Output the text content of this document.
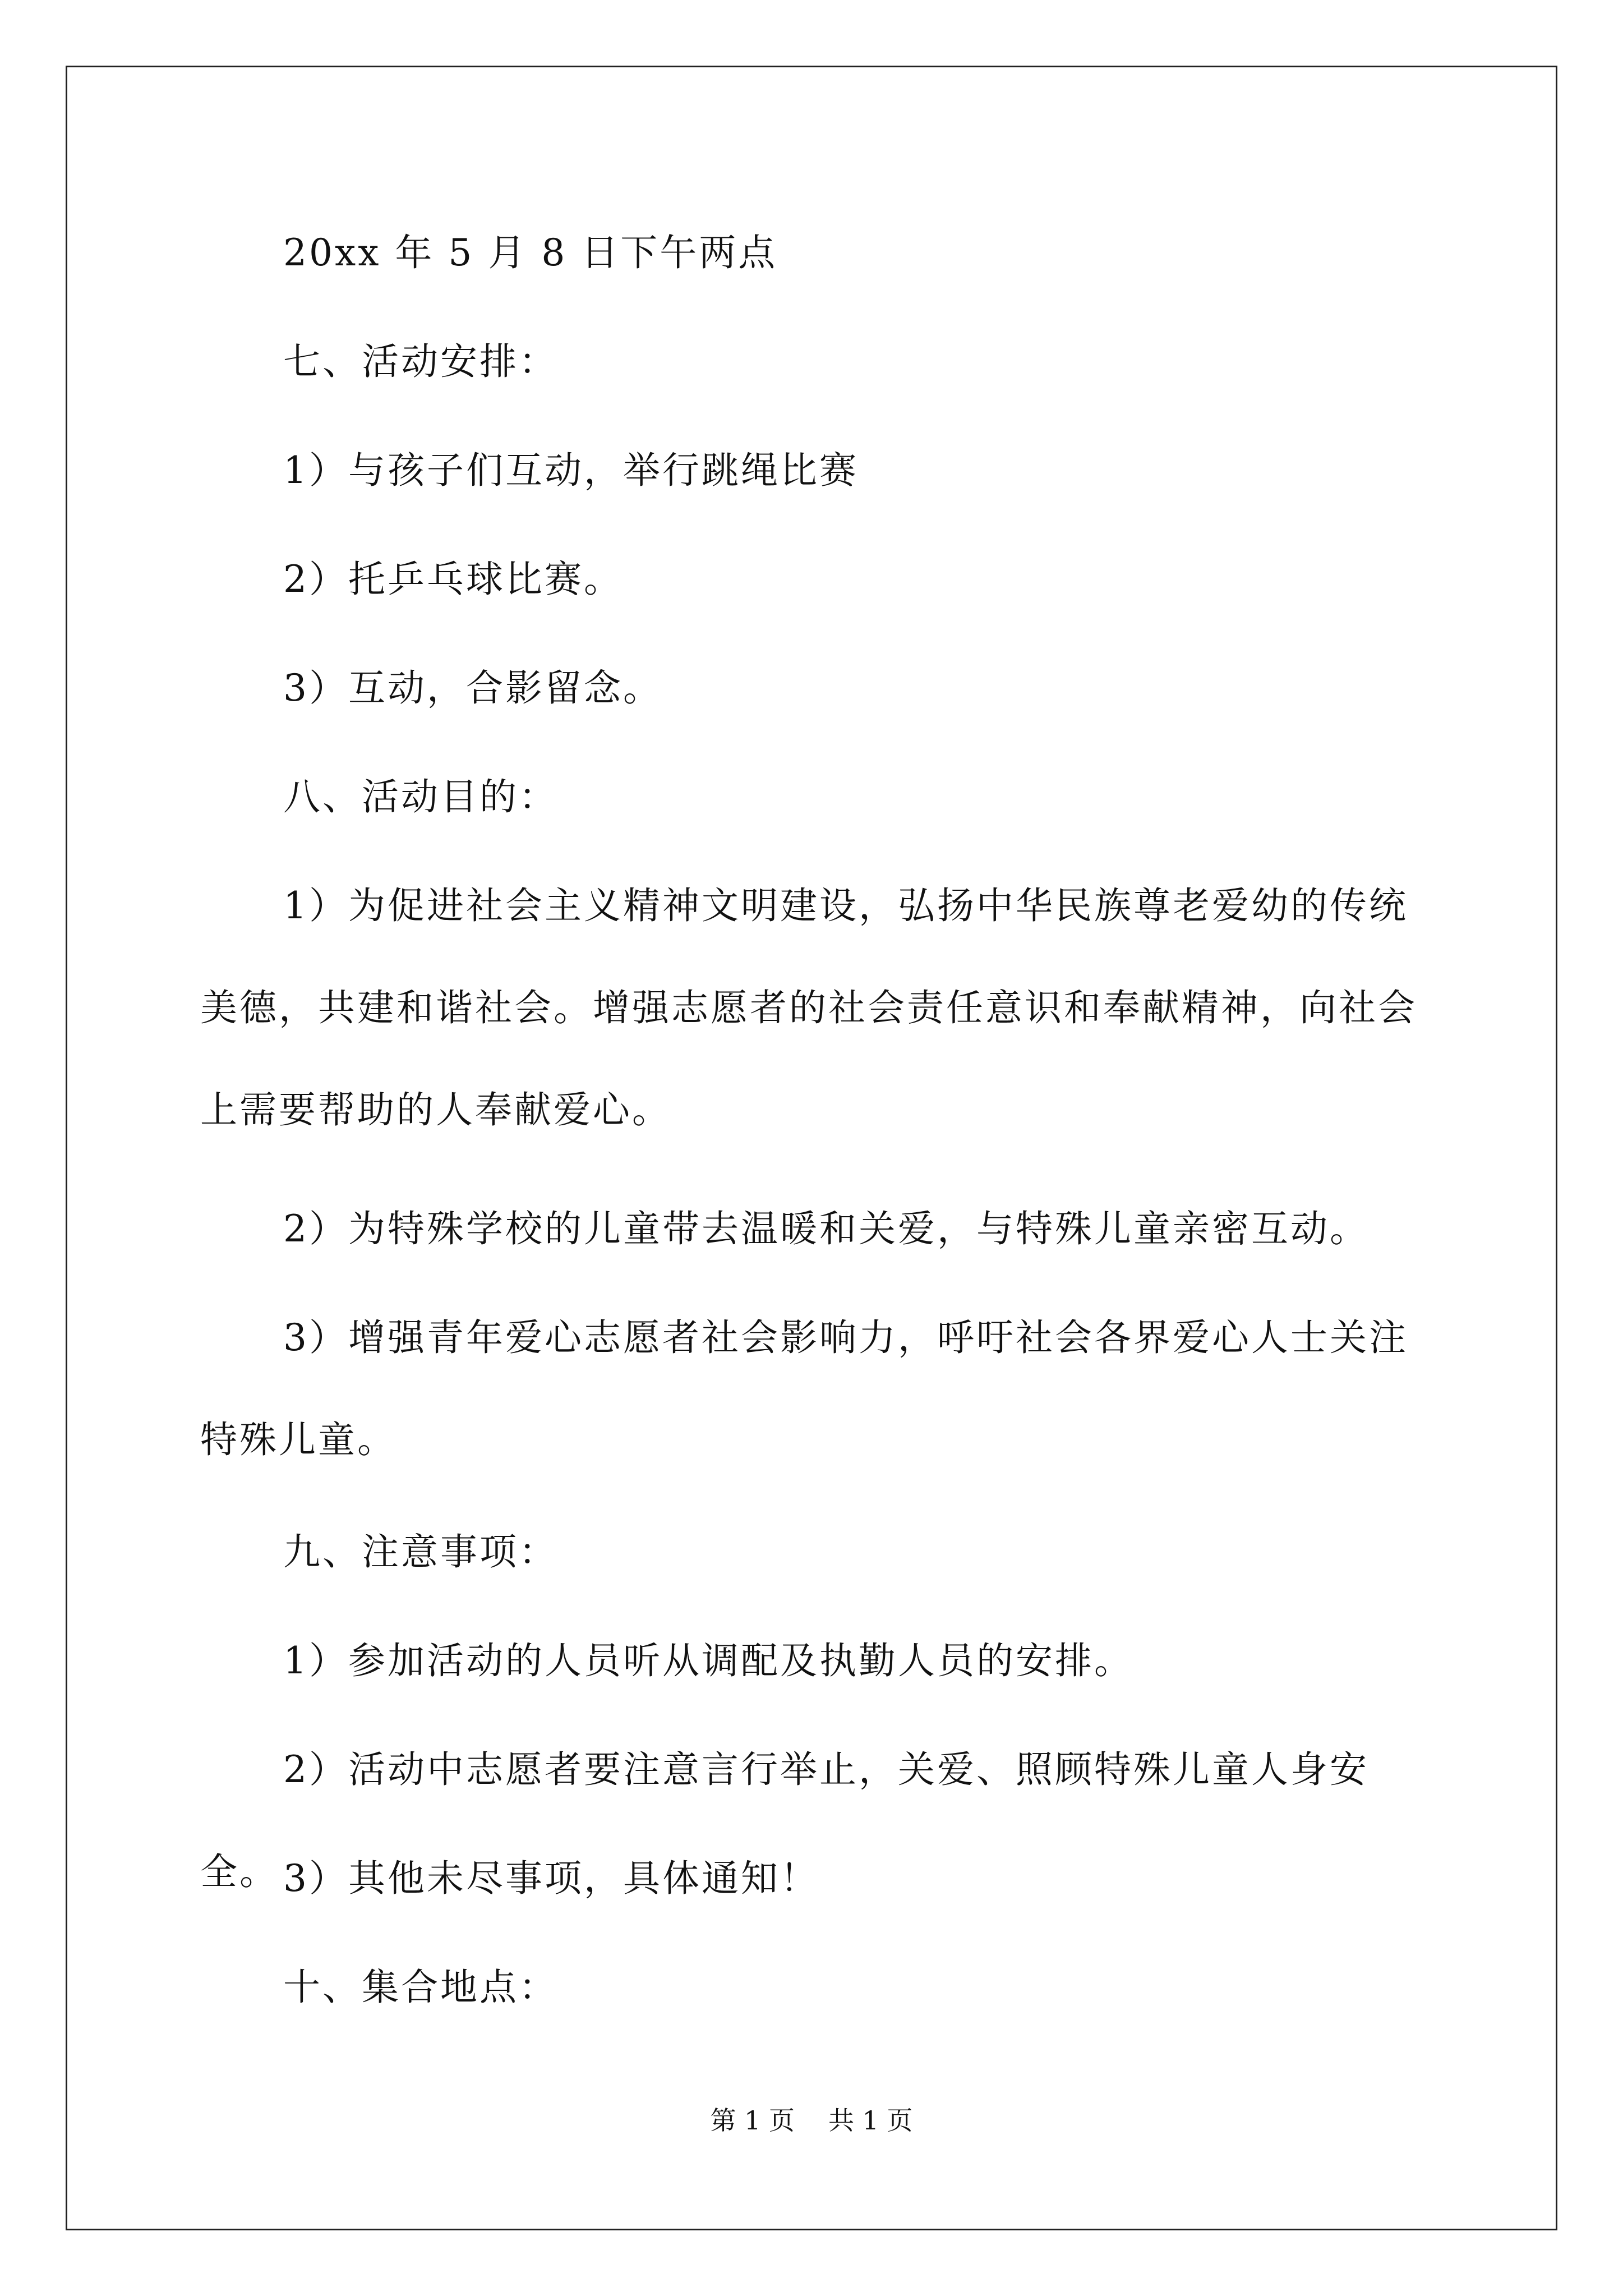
20xx 年 5 月 8 日下午两点
七、活动安排：
1）与孩子们互动，举行跳绳比赛
2）托乒乓球比赛。
3）互动，合影留念。
八、活动目的：
1）为促进社会主义精神文明建设，弘扬中华民族尊老爱幼的传统美德，共建和谐社会。增强志愿者的社会责任意识和奉献精神，向社会上需要帮助的人奉献爱心。
2）为特殊学校的儿童带去温暖和关爱，与特殊儿童亲密互动。
3）增强青年爱心志愿者社会影响力，呼吁社会各界爱心人士关注特殊儿童。
九、注意事项：
1）参加活动的人员听从调配及执勤人员的安排。
2）活动中志愿者要注意言行举止，关爱、照顾特殊儿童人身安全。 3）其他未尽事项，具体通知！
十、集合地点：
第 1 页 共 1 页
